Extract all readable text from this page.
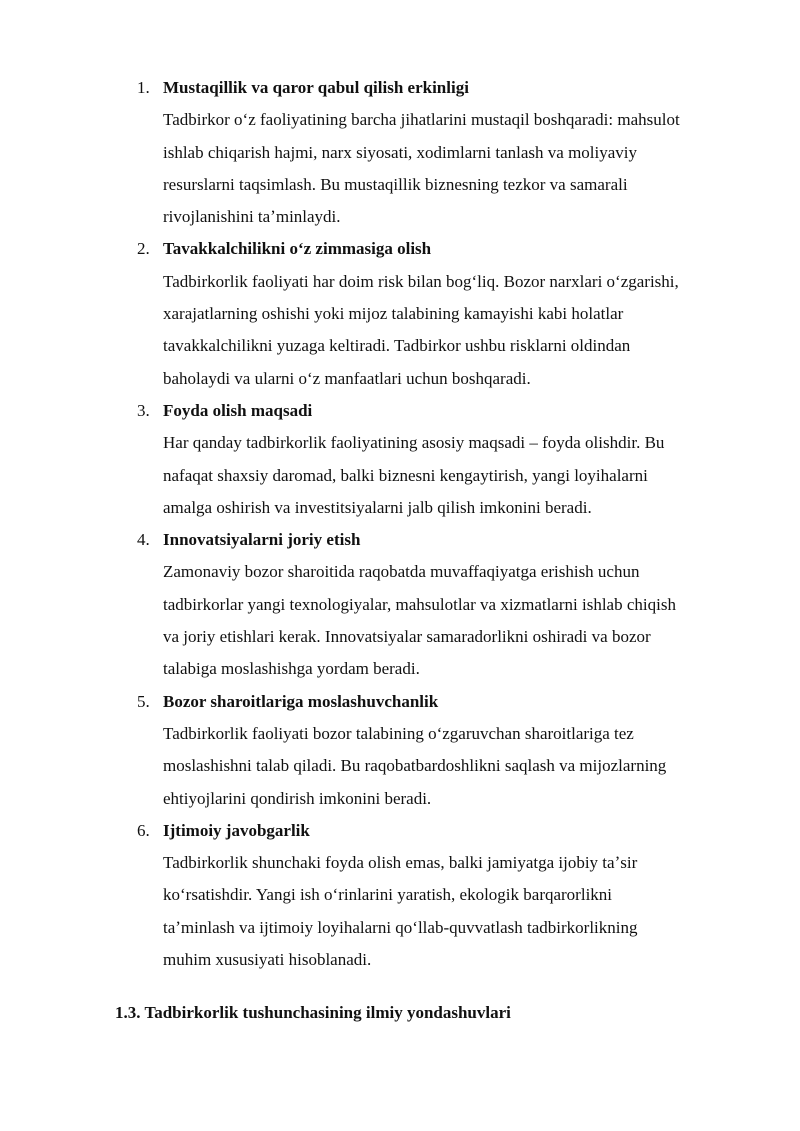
1. Mustaqillik va qaror qabul qilish erkinligi
Tadbirkor oʻz faoliyatining barcha jihatlarini mustaqil boshqaradi: mahsulot
ishlab chiqarish hajmi, narx siyosati, xodimlarni tanlash va moliyaviy
resurslarni taqsimlash. Bu mustaqillik biznesning tezkor va samarali
rivojlanishini taʼminlaydi.
2. Tavakkalchilikni oʻz zimmasiga olish
Tadbirkorlik faoliyati har doim risk bilan bogʻliq. Bozor narxlari oʻzgarishi,
xarajatlarning oshishi yoki mijoz talabining kamayishi kabi holatlar
tavakkalchilikni yuzaga keltiradi. Tadbirkor ushbu risklarni oldindan
baholaydi va ularni oʻz manfaatlari uchun boshqaradi.
3. Foyda olish maqsadi
Har qanday tadbirkorlik faoliyatining asosiy maqsadi – foyda olishdir. Bu
nafaqat shaxsiy daromad, balki biznesni kengaytirish, yangi loyihalarni
amalga oshirish va investitsiyalarni jalb qilish imkonini beradi.
4. Innovatsiyalarni joriy etish
Zamonaviy bozor sharoitida raqobatda muvaffaqiyatga erishish uchun
tadbirkorlar yangi texnologiyalar, mahsulotlar va xizmatlarni ishlab chiqish
va joriy etishlari kerak. Innovatsiyalar samaradorlikni oshiradi va bozor
talabiga moslashishga yordam beradi.
5. Bozor sharoitlariga moslashuvchanlik
Tadbirkorlik faoliyati bozor talabining oʻzgaruvchan sharoitlariga tez
moslashishni talab qiladi. Bu raqobatbardoshlikni saqlash va mijozlarning
ehtiyojlarini qondirish imkonini beradi.
6. Ijtimoiy javobgarlik
Tadbirkorlik shunchaki foyda olish emas, balki jamiyatga ijobiy taʼsir
koʻrsatishdir. Yangi ish oʻrinlarini yaratish, ekologik barqarorlikni
taʼminlash va ijtimoiy loyihalarni qoʻllab-quvvatlash tadbirkorlikning
muhim xususiyati hisoblanadi.
1.3. Tadbirkorlik tushunchasining ilmiy yondashuvlari
